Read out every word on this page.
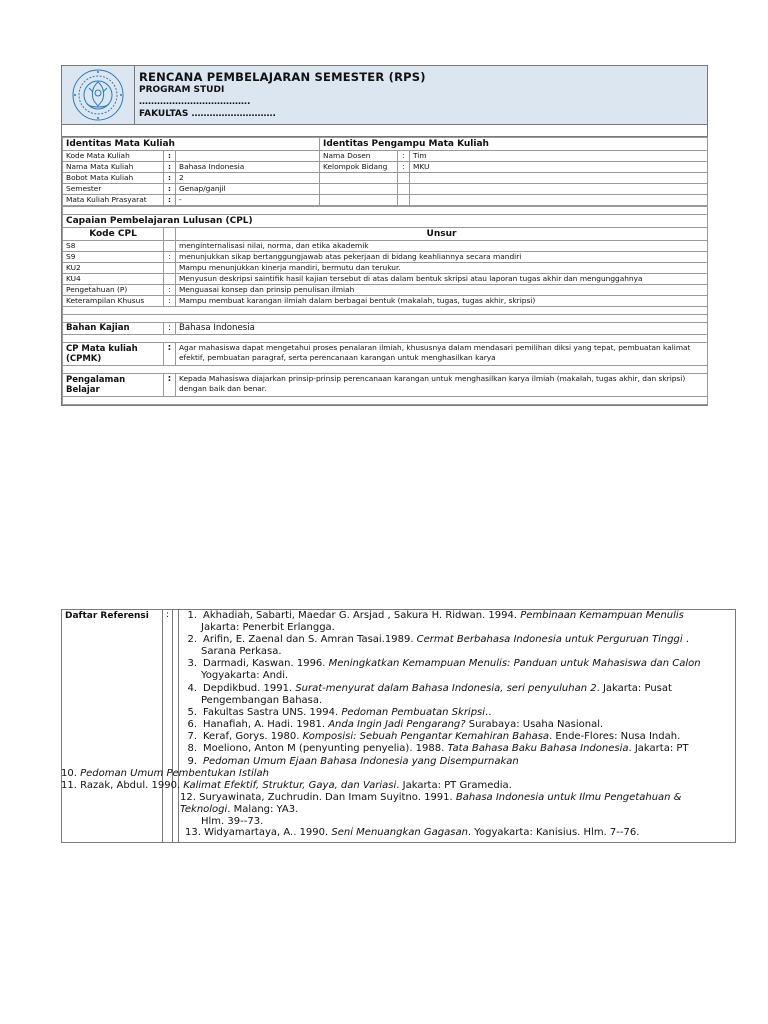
RENCANA PEMBELAJARAN SEMESTER (RPS)
PROGRAM STUDI
……………………………….
FAKULTAS ……………………….
Identitas Mata Kuliah			Identitas Pengampu Mata Kuliah		
Kode Mata Kuliah	:		Nama Dosen	:	Tim
Nama Mata Kuliah	:	Bahasa Indonesia	Kelompok Bidang	:	MKU
Bobot Mata Kuliah	:	2			
Semester	:	Genap/ganjil			
Mata Kuliah Prasyarat	:	-			

Capaian Pembelajaran Lulusan (CPL)		
Kode CPL		Unsur
S8		menginternalisasi nilai, norma, dan etika akademik
S9	:	menunjukkan sikap bertanggungjawab atas pekerjaan di bidang keahliannya secara mandiri
KU2		Mampu menunjukkan kinerja mandiri, bermutu dan terukur.
KU4		Menyusun deskripsi saintifik hasil kajian tersebut di atas dalam bentuk skripsi atau laporan tugas akhir dan mengunggahnya
Pengetahuan (P)	:	Menguasai konsep dan prinsip penulisan ilmiah
Keterampilan Khusus	:	Mampu membuat karangan ilmiah dalam berbagai bentuk (makalah, tugas, tugas akhir, skripsi)

Bahan Kajian	:	Bahasa Indonesia

CP Mata kuliah (CPMK)	:	Agar mahasiswa dapat mengetahui proses penalaran ilmiah, khususnya dalam mendasari pemilihan diksi yang tepat, pembuatan kalimat efektif, pembuatan paragraf, serta perencanaan karangan untuk menghasilkan karya

Pengalaman Belajar	:	Kepada Mahasiswa diajarkan prinsip-prinsip perencanaan karangan untuk menghasilkan karya ilmiah (makalah, tugas akhir, dan skripsi) dengan baik dan benar.

Daftar Referensi	:	1. Akhadiah, Sabarti, Maedar G. Arsjad , Sakura H. Ridwan. 1994. Pembinaan Kemampuan Menulis
Jakarta: Penerbit Erlangga.
2. Arifin, E. Zaenal dan S. Amran Tasai.1989. Cermat Berbahasa Indonesia untuk Perguruan Tinggi .
Sarana Perkasa.
3. Darmadi, Kaswan. 1996. Meningkatkan Kemampuan Menulis: Panduan untuk Mahasiswa dan Calon
Yogyakarta: Andi.
4. Depdikbud. 1991. Surat-menyurat dalam Bahasa Indonesia, seri penyuluhan 2. Jakarta: Pusat
Pengembangan Bahasa.
5. Fakultas Sastra UNS. 1994. Pedoman Pembuatan Skripsi..
6. Hanafiah, A. Hadi. 1981. Anda Ingin Jadi Pengarang? Surabaya: Usaha Nasional.
7. Keraf, Gorys. 1980. Komposisi: Sebuah Pengantar Kemahiran Bahasa. Ende-Flores: Nusa Indah.
8. Moeliono, Anton M (penyunting penyelia). 1988. Tata Bahasa Baku Bahasa Indonesia. Jakarta: PT
9. Pedoman Umum Ejaan Bahasa Indonesia yang Disempurnakan
10. Pedoman Umum Pembentukan Istilah
11. Razak, Abdul. 1990. Kalimat Efektif, Struktur, Gaya, dan Variasi. Jakarta: PT Gramedia.
12. Suryawinata, Zuchrudin. Dan Imam Suyitno. 1991. Bahasa Indonesia untuk Ilmu Pengetahuan &
Teknologi. Malang: YA3.
Hlm. 39--73.
13. Widyamartaya, A.. 1990. Seni Menuangkan Gagasan. Yogyakarta: Kanisius. Hlm. 7--76.
